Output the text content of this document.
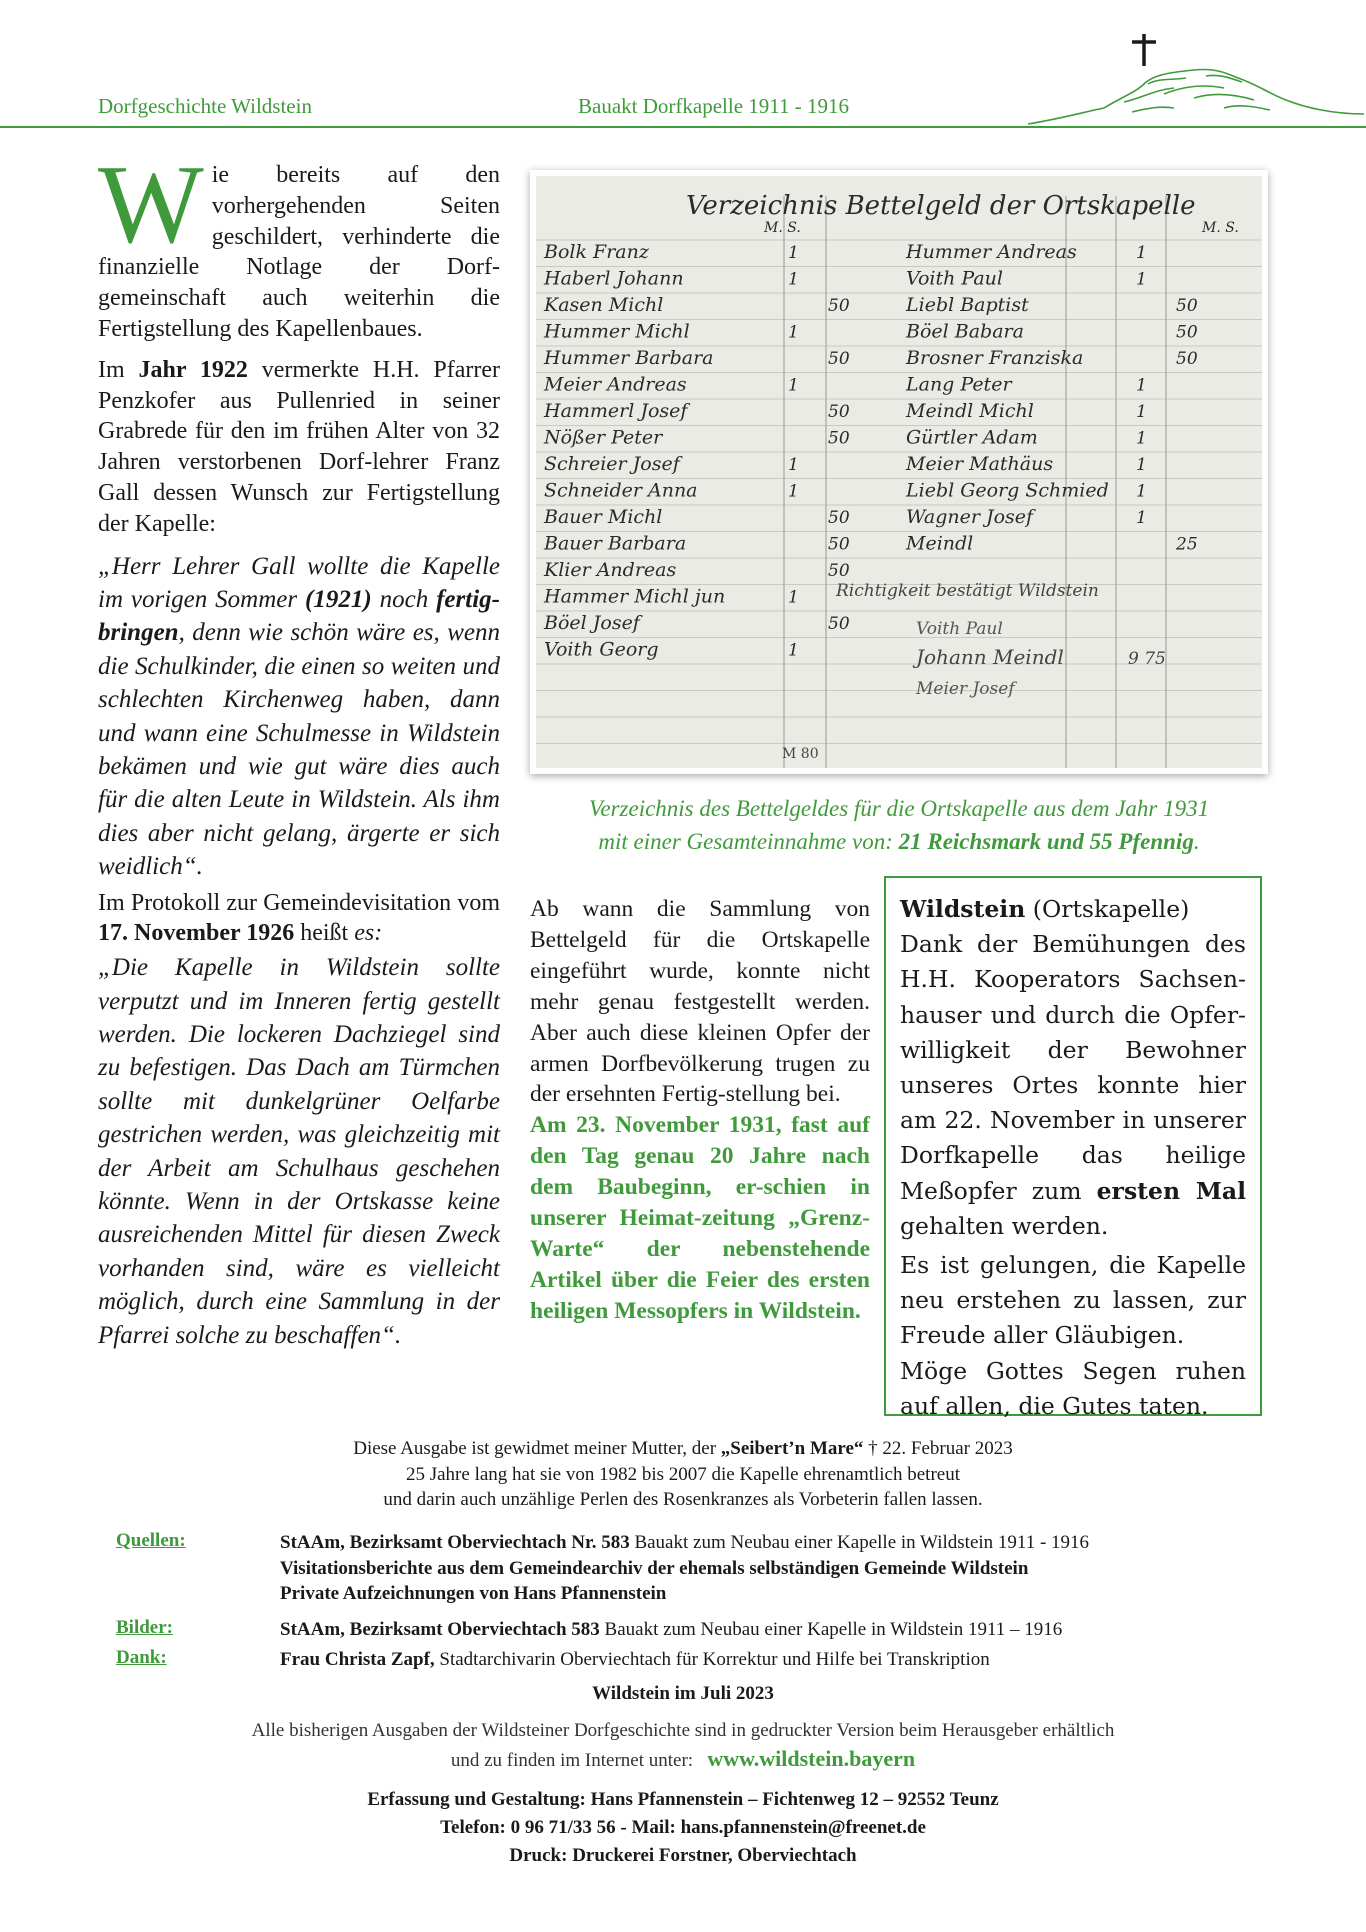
Dorfgeschichte Wildstein	Bauakt Dorfkapelle 1911 - 1916

Wie bereits auf den vorhergehenden Seiten geschildert, verhinderte die finanzielle Notlage der Dorf-gemeinschaft auch weiterhin die Fertigstellung des Kapellenbaues.

Im Jahr 1922 vermerkte H.H. Pfarrer Penzkofer aus Pullenried in seiner Grabrede für den im frühen Alter von 32 Jahren verstorbenen Dorf-lehrer Franz Gall dessen Wunsch zur Fertigstellung der Kapelle:

„Herr Lehrer Gall wollte die Kapelle im vorigen Sommer (1921) noch fertig-bringen, denn wie schön wäre es, wenn die Schulkinder, die einen so weiten und schlechten Kirchenweg haben, dann und wann eine Schulmesse in Wildstein bekämen und wie gut wäre dies auch für die alten Leute in Wildstein. Als ihm dies aber nicht gelang, ärgerte er sich weidlich“.

Im Protokoll zur Gemeindevisitation vom 17. November 1926 heißt es:

„Die Kapelle in Wildstein sollte verputzt und im Inneren fertig gestellt werden. Die lockeren Dachziegel sind zu befestigen. Das Dach am Türmchen sollte mit dunkelgrüner Oelfarbe gestrichen werden, was gleichzeitig mit der Arbeit am Schulhaus geschehen könnte. Wenn in der Ortskasse keine ausreichenden Mittel für diesen Zweck vorhanden sind, wäre es vielleicht möglich, durch eine Sammlung in der Pfarrei solche zu beschaffen“.

Verzeichnis Bettelgeld der Ortskapelle
M. S.	M. S.
Bolk Franz	1
Haberl Johann	1
Kasen Michl	50
Hummer Michl	1
Hummer Barbara	50
Meier Andreas	1
Hammerl Josef	50
Nößer Peter	50
Schreier Josef	1
Schneider Anna	1
Bauer Michl	50
Bauer Barbara	50
Klier Andreas	50
Hammer Michl jun	1
Böel Josef	50
Voith Georg	1
Hummer Andreas	1
Voith Paul	1
Liebl Baptist	50
Böel Babara	50
Brosner Franziska	50
Lang Peter	1
Meindl Michl	1
Gürtler Adam	1
Meier Mathäus	1
Liebl Georg Schmied 1
Wagner Josef	1
Meindl	25
Richtigkeit bestätigt Wildstein
Voith Paul
Johann Meindl
Meier Josef
9 75
M 80
Verzeichnis des Bettelgeldes für die Ortskapelle aus dem Jahr 1931
mit einer Gesamteinnahme von: 21 Reichsmark und 55 Pfennig.

Ab wann die Sammlung von Bettelgeld für die Ortskapelle eingeführt wurde, konnte nicht mehr genau festgestellt werden. Aber auch diese kleinen Opfer der armen Dorfbevölkerung trugen zu der ersehnten Fertig-stellung bei.

Am 23. November 1931, fast auf den Tag genau 20 Jahre nach dem Baubeginn, er-schien in unserer Heimat-zeitung „Grenz-Warte“ der nebenstehende Artikel über die Feier des ersten heiligen Messopfers in Wildstein.

Wildstein (Ortskapelle)
Dank der Bemühungen des H.H. Kooperators Sachsen-hauser und durch die Opfer-willigkeit der Bewohner unseres Ortes konnte hier am 22. November in unserer Dorfkapelle das heilige Meßopfer zum ersten Mal gehalten werden.

Es ist gelungen, die Kapelle neu erstehen zu lassen, zur Freude aller Gläubigen.

Möge Gottes Segen ruhen auf allen, die Gutes taten.

Diese Ausgabe ist gewidmet meiner Mutter, der „Seibert’n Mare“ † 22. Februar 2023
25 Jahre lang hat sie von 1982 bis 2007 die Kapelle ehrenamtlich betreut
und darin auch unzählige Perlen des Rosenkranzes als Vorbeterin fallen lassen.
Quellen:	StAAm, Bezirksamt Oberviechtach Nr. 583 Bauakt zum Neubau einer Kapelle in Wildstein 1911 - 1916
Visitationsberichte aus dem Gemeindearchiv der ehemals selbständigen Gemeinde Wildstein
Private Aufzeichnungen von Hans Pfannenstein
Bilder:	StAAm, Bezirksamt Oberviechtach 583 Bauakt zum Neubau einer Kapelle in Wildstein 1911 – 1916
Dank:	Frau Christa Zapf, Stadtarchivarin Oberviechtach für Korrektur und Hilfe bei Transkription
Wildstein im Juli 2023
Alle bisherigen Ausgaben der Wildsteiner Dorfgeschichte sind in gedruckter Version beim Herausgeber erhältlich
und zu finden im Internet unter: www.wildstein.bayern
Erfassung und Gestaltung: Hans Pfannenstein – Fichtenweg 12 – 92552 Teunz
Telefon: 0 96 71/33 56 - Mail: hans.pfannenstein@freenet.de
Druck: Druckerei Forstner, Oberviechtach
